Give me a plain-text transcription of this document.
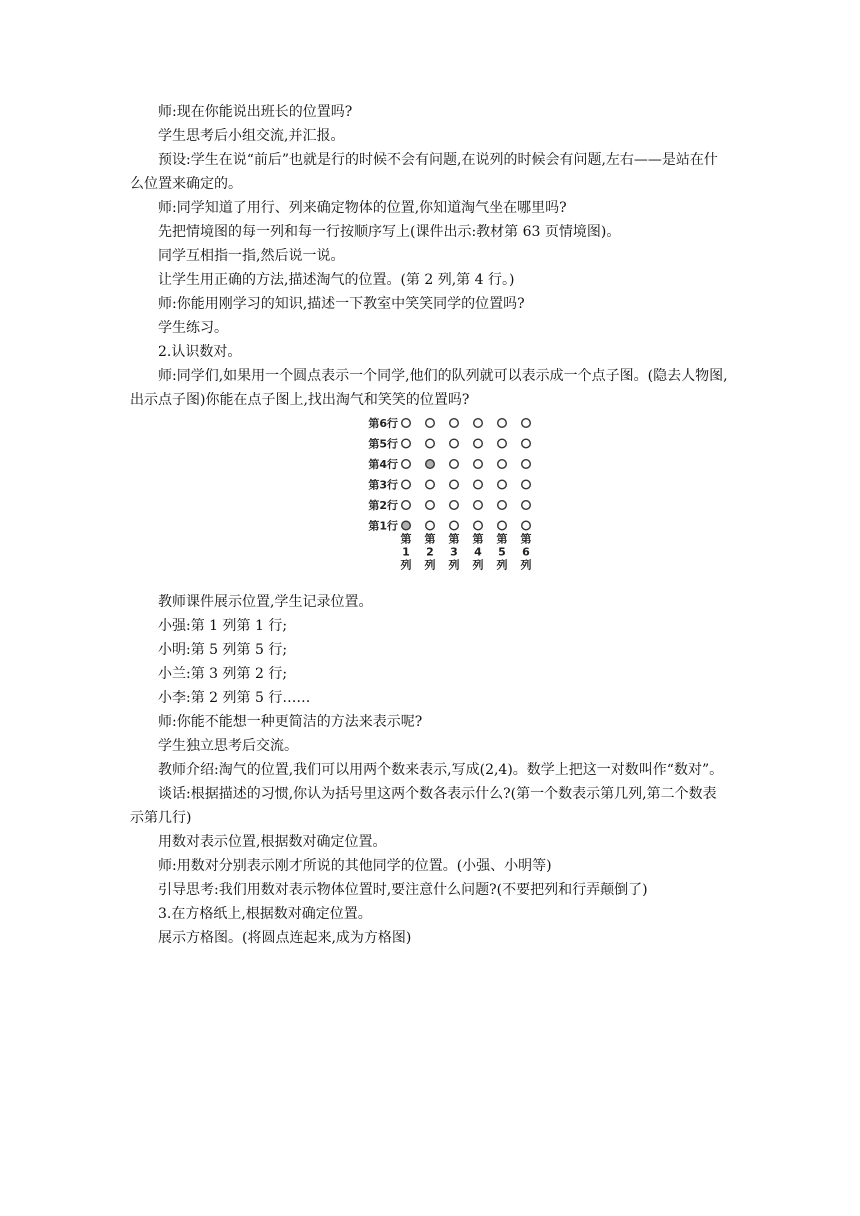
师:现在你能说出班长的位置吗?

学生思考后小组交流,并汇报。

预设:学生在说“前后”也就是行的时候不会有问题,在说列的时候会有问题,左右——是站在什么位置来确定的。

师:同学知道了用行、列来确定物体的位置,你知道淘气坐在哪里吗?

先把情境图的每一列和每一行按顺序写上(课件出示:教材第 63 页情境图)。

同学互相指一指,然后说一说。

让学生用正确的方法,描述淘气的位置。(第 2 列,第 4 行。)

师:你能用刚学习的知识,描述一下教室中笑笑同学的位置吗?

学生练习。

2.认识数对。

师:同学们,如果用一个圆点表示一个同学,他们的队列就可以表示成一个点子图。(隐去人物图,出示点子图)你能在点子图上,找出淘气和笑笑的位置吗?

第6行
第5行
第4行
第3行
第2行
第1行
第
1
列
第
2
列
第
3
列
第
4
列
第
5
列
第
6
列

教师课件展示位置,学生记录位置。

小强:第 1 列第 1 行;

小明:第 5 列第 5 行;

小兰:第 3 列第 2 行;

小李:第 2 列第 5 行……

师:你能不能想一种更简洁的方法来表示呢?

学生独立思考后交流。

教师介绍:淘气的位置,我们可以用两个数来表示,写成(2,4)。数学上把这一对数叫作“数对”。

谈话:根据描述的习惯,你认为括号里这两个数各表示什么?(第一个数表示第几列,第二个数表示第几行)

用数对表示位置,根据数对确定位置。

师:用数对分别表示刚才所说的其他同学的位置。(小强、小明等)

引导思考:我们用数对表示物体位置时,要注意什么问题?(不要把列和行弄颠倒了)

3.在方格纸上,根据数对确定位置。

展示方格图。(将圆点连起来,成为方格图)
